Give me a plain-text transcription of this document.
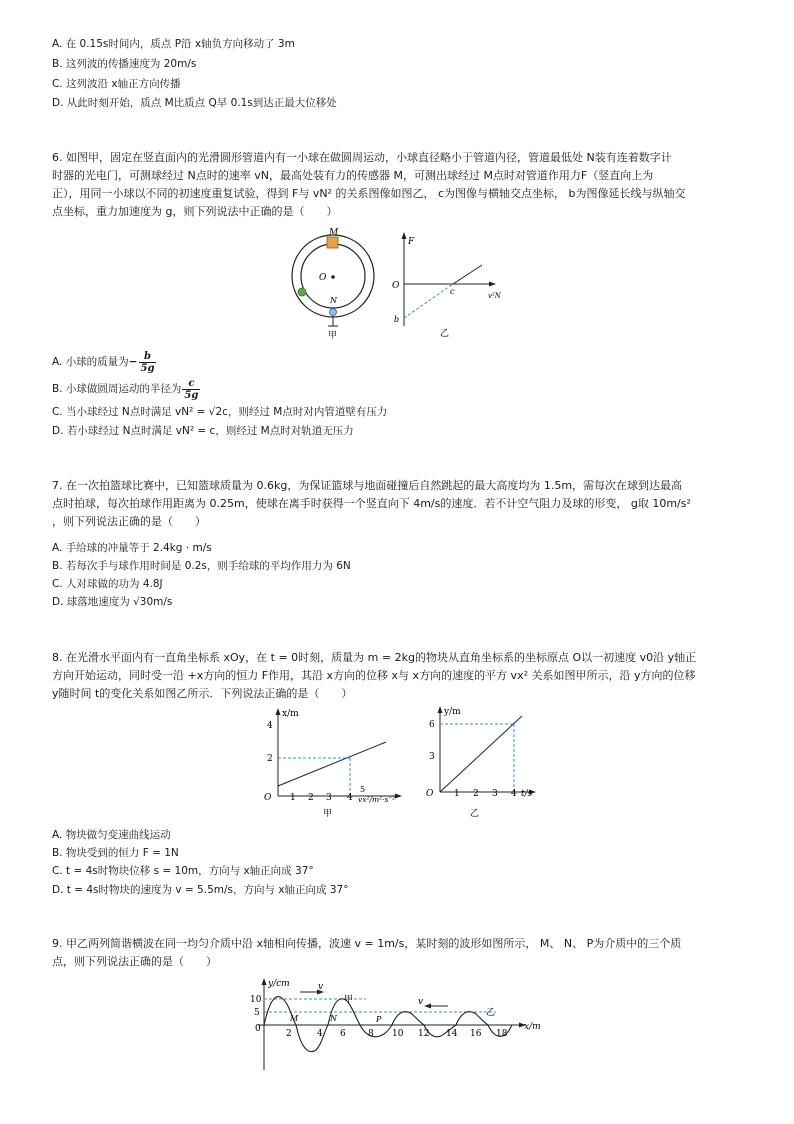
A. 在 0.15s时间内，质点 P沿 x轴负方向移动了 3m
B. 这列波的传播速度为 20m/s
C. 这列波沿 x轴正方向传播
D. 从此时刻开始，质点 M比质点 Q早 0.1s到达正最大位移处
6. 如图甲，固定在竖直面内的光滑圆形管道内有一小球在做圆周运动，小球直径略小于管道内径，管道最低处 N装有连着数字计
时器的光电门，可测球经过 N点时的速率 vN，最高处装有力的传感器 M，可测出球经过 M点时对管道作用力F（竖直向上为
正），用同一小球以不同的初速度重复试验，得到 F与 vN² 的关系图像如图乙， c为图像与横轴交点坐标， b为图像延长线与纵轴交
点坐标，重力加速度为 g，则下列说法中正确的是（　　）
M
O
N
甲
F
O
c
b
v²N
乙
A. 小球的质量为− $\frac{b}{5g}$
B. 小球做圆周运动的半径为 $\frac{c}{5g}$
C. 当小球经过 N点时满足 vN² = √2c，则经过 M点时对内管道壁有压力
D. 若小球经过 N点时满足 vN² = c，则经过 M点时对轨道无压力
7. 在一次拍篮球比赛中，已知篮球质量为 0.6kg，为保证篮球与地面碰撞后自然跳起的最大高度均为 1.5m，需每次在球到达最高
点时拍球，每次拍球作用距离为 0.25m，使球在离手时获得一个竖直向下 4m/s的速度．若不计空气阻力及球的形变， g取 10m/s²
，则下列说法正确的是（　　）
A. 手给球的冲量等于 2.4kg · m/s
B. 若每次手与球作用时间是 0.2s，则手给球的平均作用力为 6N
C. 人对球做的功为 4.8J
D. 球落地速度为 √30m/s
8. 在光滑水平面内有一直角坐标系 xOy，在 t = 0时刻，质量为 m = 2kg的物块从直角坐标系的坐标原点 O以一初速度 v0沿 y轴正
方向开始运动，同时受一沿 +x方向的恒力 F作用，其沿 x方向的位移 x与 x方向的速度的平方 vx² 关系如图甲所示，沿 y方向的位移
y随时间 t的变化关系如图乙所示．下列说法正确的是（　　）
x/m
4
2
O 1 2 3 4
5
vx²/m²·s⁻²
甲
y/m
6
3
O 1 2 3 4 t/s
乙
A. 物块做匀变速曲线运动
B. 物块受到的恒力 F = 1N
C. t = 4s时物块位移 s = 10m，方向与 x轴正向成 37°
D. t = 4s时物块的速度为 v = 5.5m/s，方向与 x轴正向成 37°
9. 甲乙两列简谐横波在同一均匀介质中沿 x轴相向传播，波速 v = 1m/s，某时刻的波形如图所示， M、 N、 P为介质中的三个质
点，则下列说法正确的是（　　）
y/cm
10
5
0	2	4 6 8 10 12 14 16 18
x/m
M	N	P
v
甲	v
乙
